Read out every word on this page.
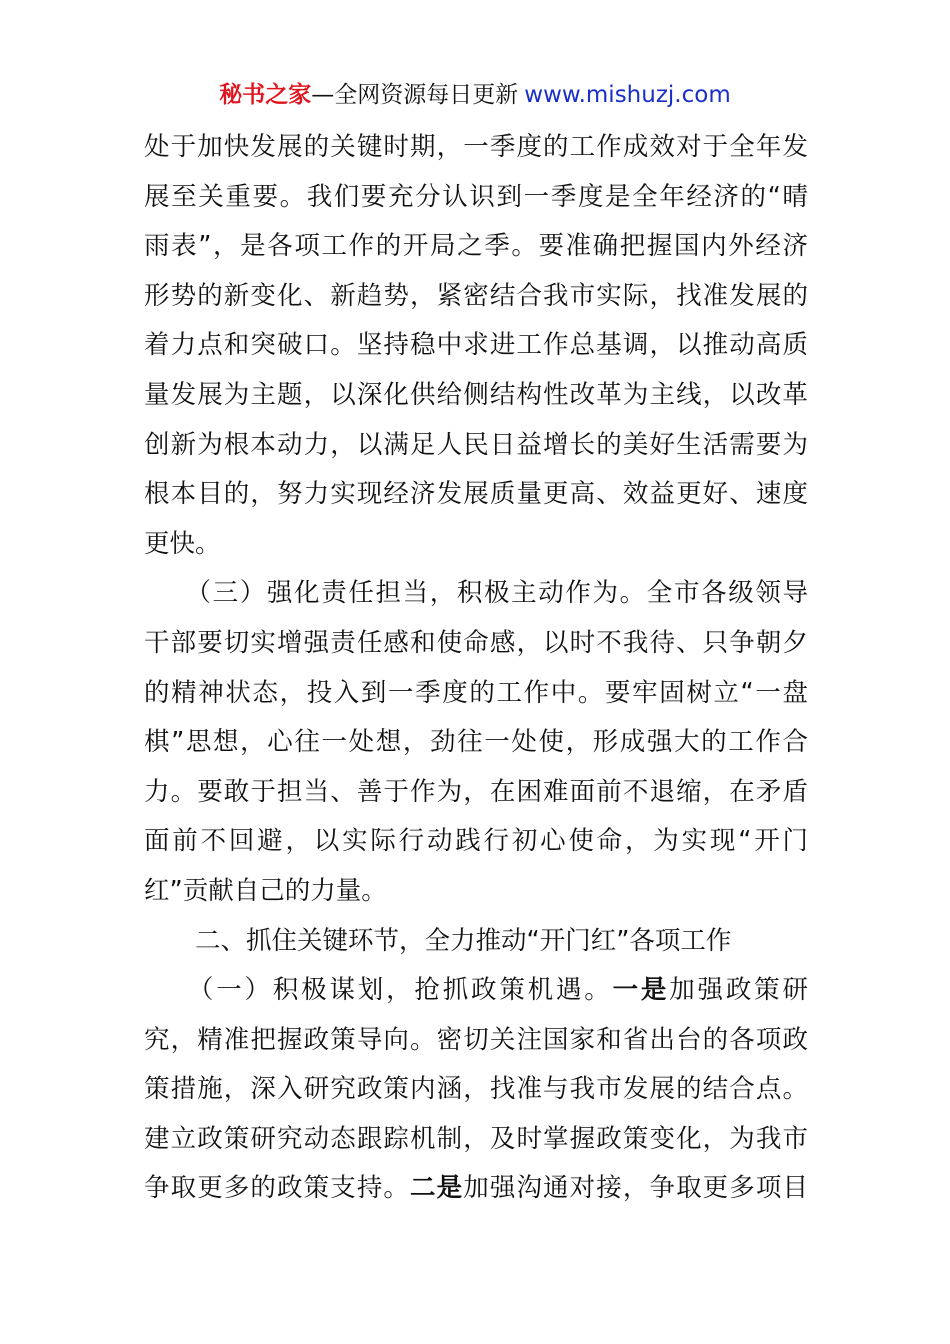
秘书之家—全网资源每日更新 www.mishuzj.com
处于加快发展的关键时期，一季度的工作成效对于全年发
展至关重要。我们要充分认识到一季度是全年经济的“晴
雨表”，是各项工作的开局之季。要准确把握国内外经济
形势的新变化、新趋势，紧密结合我市实际，找准发展的
着力点和突破口。坚持稳中求进工作总基调，以推动高质
量发展为主题，以深化供给侧结构性改革为主线，以改革
创新为根本动力，以满足人民日益增长的美好生活需要为
根本目的，努力实现经济发展质量更高、效益更好、速度
更快。
　　（三）强化责任担当，积极主动作为。全市各级领导
干部要切实增强责任感和使命感，以时不我待、只争朝夕
的精神状态，投入到一季度的工作中。要牢固树立“一盘
棋”思想，心往一处想，劲往一处使，形成强大的工作合
力。要敢于担当、善于作为，在困难面前不退缩，在矛盾
面前不回避，以实际行动践行初心使命，为实现“开门
红”贡献自己的力量。
　　二、抓住关键环节，全力推动“开门红”各项工作
　　（一）积极谋划，抢抓政策机遇。一是加强政策研
究，精准把握政策导向。密切关注国家和省出台的各项政
策措施，深入研究政策内涵，找准与我市发展的结合点。
建立政策研究动态跟踪机制，及时掌握政策变化，为我市
争取更多的政策支持。二是加强沟通对接，争取更多项目
